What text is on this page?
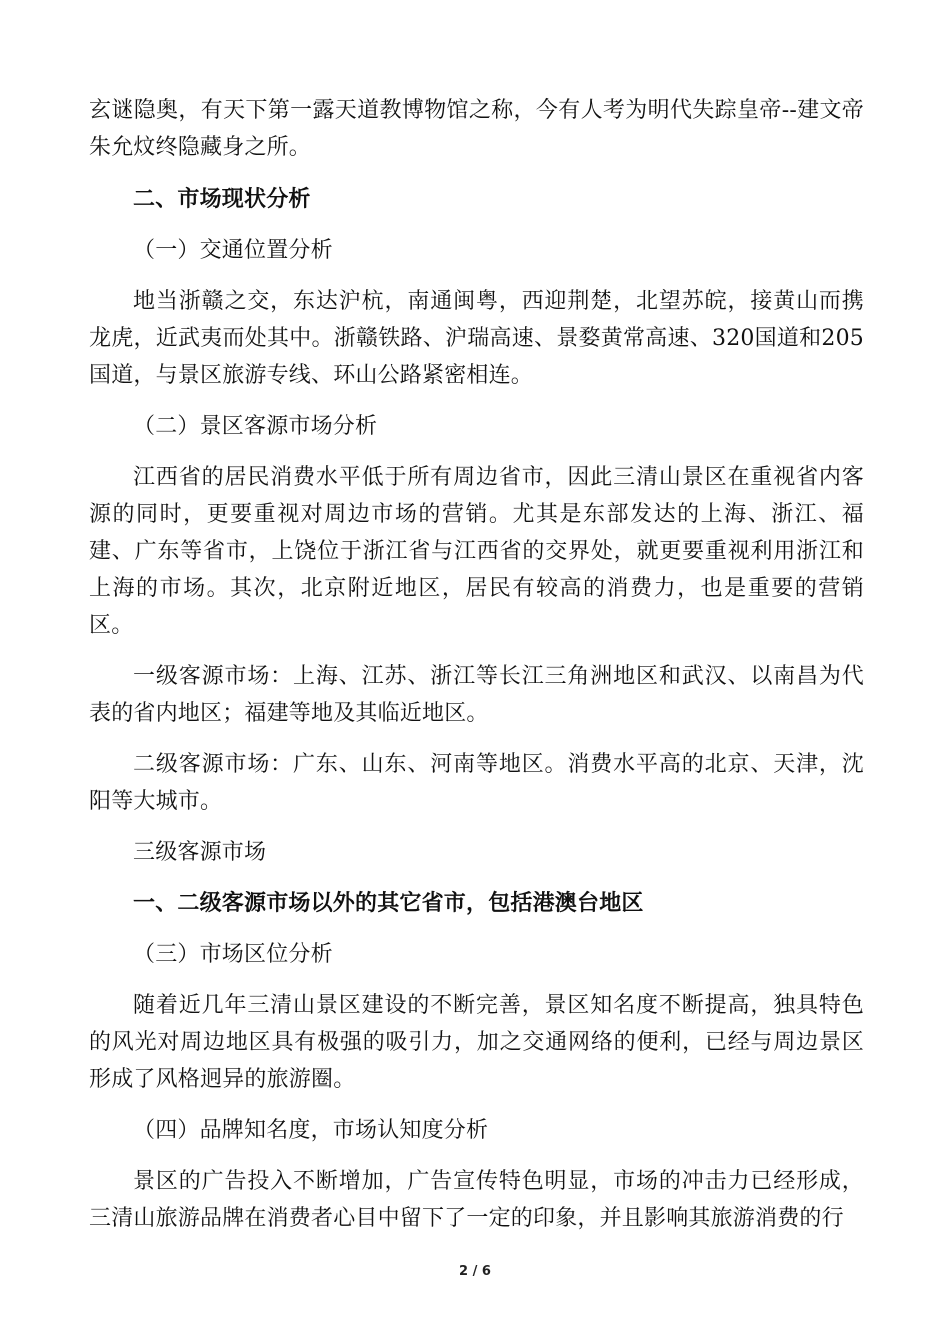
玄谜隐奥，有天下第一露天道教博物馆之称，今有人考为明代失踪皇帝--建文帝朱允炆终隐藏身之所。

二、市场现状分析

（一）交通位置分析

地当浙赣之交，东达沪杭，南通闽粤，西迎荆楚，北望苏皖，接黄山而携龙虎，近武夷而处其中。浙赣铁路、沪瑞高速、景婺黄常高速、320国道和205国道，与景区旅游专线、环山公路紧密相连。

（二）景区客源市场分析

江西省的居民消费水平低于所有周边省市，因此三清山景区在重视省内客源的同时，更要重视对周边市场的营销。尤其是东部发达的上海、浙江、福建、广东等省市，上饶位于浙江省与江西省的交界处，就更要重视利用浙江和上海的市场。其次，北京附近地区，居民有较高的消费力，也是重要的营销区。

一级客源市场：上海、江苏、浙江等长江三角洲地区和武汉、以南昌为代表的省内地区；福建等地及其临近地区。

二级客源市场：广东、山东、河南等地区。消费水平高的北京、天津，沈阳等大城市。

三级客源市场

一、二级客源市场以外的其它省市，包括港澳台地区

（三）市场区位分析

随着近几年三清山景区建设的不断完善，景区知名度不断提高，独具特色的风光对周边地区具有极强的吸引力，加之交通网络的便利，已经与周边景区形成了风格迥异的旅游圈。

（四）品牌知名度，市场认知度分析

景区的广告投入不断增加，广告宣传特色明显，市场的冲击力已经形成，三清山旅游品牌在消费者心目中留下了一定的印象，并且影响其旅游消费的行

2 / 6
